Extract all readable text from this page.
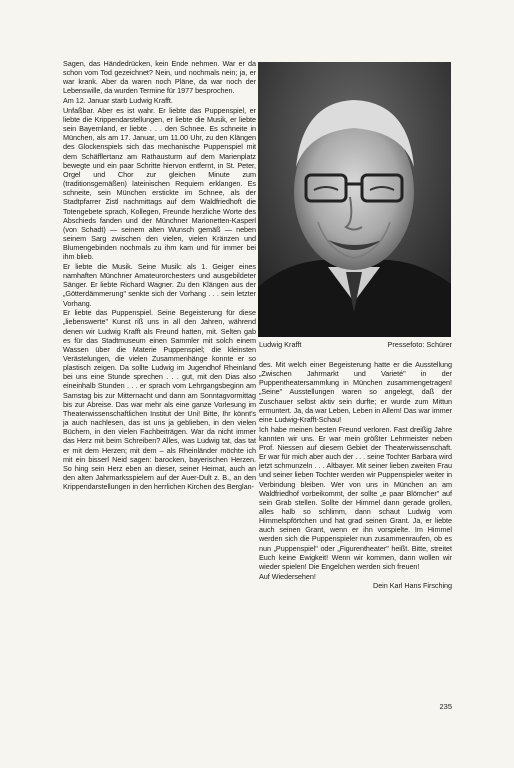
Sagen, das Händedrücken, kein Ende nehmen. War er da schon vom Tod gezeichnet? Nein, und nochmals nein; ja, er war krank. Aber da waren noch Pläne, da war noch der Lebenswille, da wurden Termine für 1977 besprochen.

Am 12. Januar starb Ludwig Krafft.

Unfaßbar. Aber es ist wahr. Er liebte das Puppenspiel, er liebte die Krippendarstellungen, er liebte die Musik, er liebte sein Bayernland, er liebte . . . den Schnee. Es schneite in München, als am 17. Januar, um 11.00 Uhr, zu den Klängen des Glockenspiels sich das mechanische Puppenspiel mit dem Schäfflertanz am Rathausturm auf dem Marienplatz bewegte und ein paar Schritte hiervon entfernt, in St. Peter, Orgel und Chor zur gleichen Minute zum (traditionsgemäßen) lateinischen Requiem erklangen. Es schneite, sein München erstickte im Schnee, als der Stadtpfarrer Zistl nachmittags auf dem Waldfriedhoft die Totengebete sprach, Kollegen, Freunde herzliche Worte des Abschieds fanden und der Münchner Marionetten-Kasperl (von Schadt) — seinem alten Wunsch gemäß — neben seinem Sarg zwischen den vielen, vielen Kränzen und Blumengebinden nochmals zu ihm kam und für immer bei ihm blieb.

Er liebte die Musik. Seine Musik: als 1. Geiger eines namhaften Münchner Amateurorchesters und ausgebildeter Sänger. Er liebte Richard Wagner. Zu den Klängen aus der „Götterdämmerung" senkte sich der Vorhang . . . sein letzter Vorhang.

Er liebte das Puppenspiel. Seine Begeisterung für diese „liebenswerte" Kunst riß uns in all den Jahren, während denen wir Ludwig Krafft als Freund hatten, mit. Selten gab es für das Stadtmuseum einen Sammler mit solch einem Wassen über die Materie Puppenspiel; die kleinsten Verästelungen, die vielen Zusammenhänge konnte er so plastisch zeigen. Da sollte Ludwig im Jugendhof Rheinland bei uns eine Stunde sprechen . . . gut, mit den Dias also eineinhalb Stunden . . . er sprach vom Lehrgangsbeginn am Samstag bis zur Mitternacht und dann am Sonntagvormittag bis zur Abreise. Das war mehr als eine ganze Vorlesung im Theaterwissenschaftlichen Institut der Uni! Bitte, Ihr könnt's ja auch nachlesen, das ist uns ja geblieben, in den vielen Büchern, in den vielen Fachbeiträgen. War da nicht immer das Herz mit beim Schreiben? Alles, was Ludwig tat, das tat er mit dem Herzen; mit dem – als Rheinländer möchte ich mit ein bisserl Neid sagen: barocken, bayerischen Herzen. So hing sein Herz eben an dieser, seiner Heimat, auch an den alten Jahrmarksspielern auf der Auer-Dult z. B., an den Krippendarstellungen in den herrlichen Kirchen des Berglan-

Ludwig Krafft	Pressefoto: Schürer

des. Mit welch einer Begeisterung hatte er die Ausstellung „Zwischen Jahrmarkt und Varieté" in der Puppentheatersammlung in München zusammengetragen! „Seine" Ausstellungen waren so angelegt, daß der Zuschauer selbst aktiv sein durfte; er wurde zum Mittun ermuntert. Ja, da war Leben, Leben in Allem! Das war immer eine Ludwig-Krafft-Schau!

Ich habe meinen besten Freund verloren. Fast dreißig Jahre kannten wir uns. Er war mein größter Lehrmeister neben Prof. Niessen auf diesem Gebiet der Theaterwissenschaft. Er war für mich aber auch der . . . seine Tochter Barbara wird jetzt schmunzeln . . . Altbayer. Mit seiner lieben zweiten Frau und seiner lieben Tochter werden wir Puppenspieler weiter in Verbindung bleiben. Wer von uns in München an am Waldfriedhof vorbeikommt, der sollte „e paar Blömcher" auf sein Grab stellen. Sollte der Himmel dann gerade grollen, alles halb so schlimm, dann schaut Ludwig vom Himmelspförtchen und hat grad seinen Grant. Ja, er liebte auch seinen Grant, wenn er ihn vorspielte. Im Himmel werden sich die Puppenspieler nun zusammenraufen, ob es nun „Puppenspiel" oder „Figurentheater" heißt. Bitte, streitet Euch keine Ewigkeit! Wenn wir kommen, dann wollen wir wieder spielen! Die Engelchen werden sich freuen!

Auf Wiedersehen!

Dein Karl Hans Firsching

235
